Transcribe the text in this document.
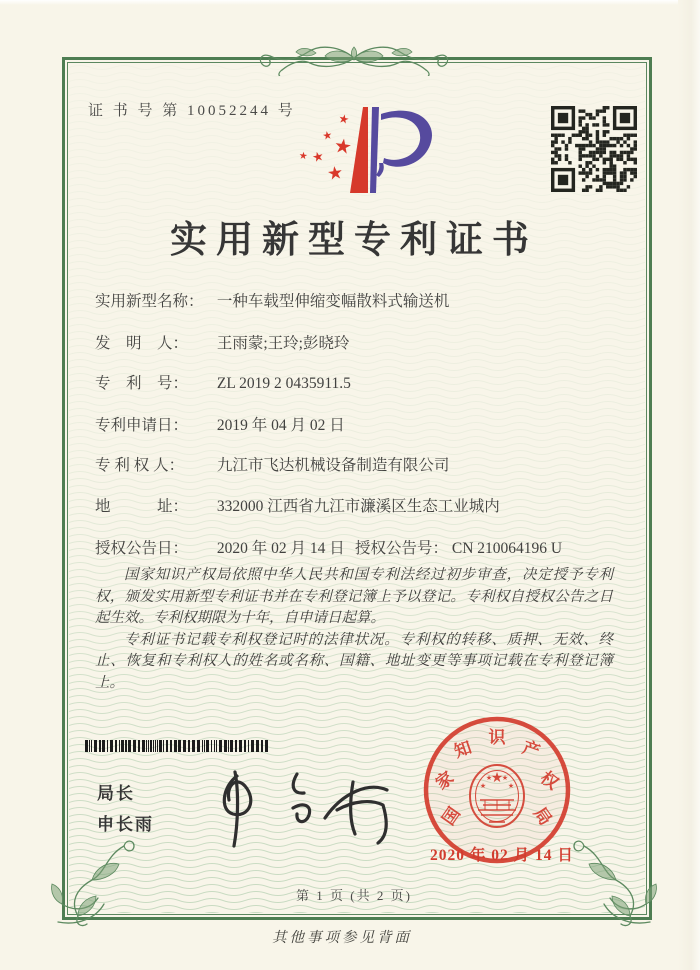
证 书 号 第 10052244 号
★
★ ★
★
★
★
实用新型专利证书
实用新型名称： 一种车载型伸缩变幅散料式输送机
发　明　人： 王雨蒙;王玲;彭晓玲
专　利　号： ZL 2019 2 0435911.5
专利申请日： 2019 年 04 月 02 日
专 利 权 人： 九江市飞达机械设备制造有限公司
地　　　址： 332000 江西省九江市濂溪区生态工业城内
授权公告日： 2020 年 02 月 14 日 授权公告号： CN 210064196 U

国家知识产权局依照中华人民共和国专利法经过初步审查，决定授予专利权，颁发实用新型专利证书并在专利登记簿上予以登记。专利权自授权公告之日起生效。专利权期限为十年，自申请日起算。

专利证书记载专利权登记时的法律状况。专利权的转移、质押、无效、终止、恢复和专利权人的姓名或名称、国籍、地址变更等事项记载在专利登记簿上。

局长
申长雨	国
家
知
识
产
权
局
★
★
★ ★
★
2020 年 02 月 14 日
第 1 页 (共 2 页)
其他事项参见背面
